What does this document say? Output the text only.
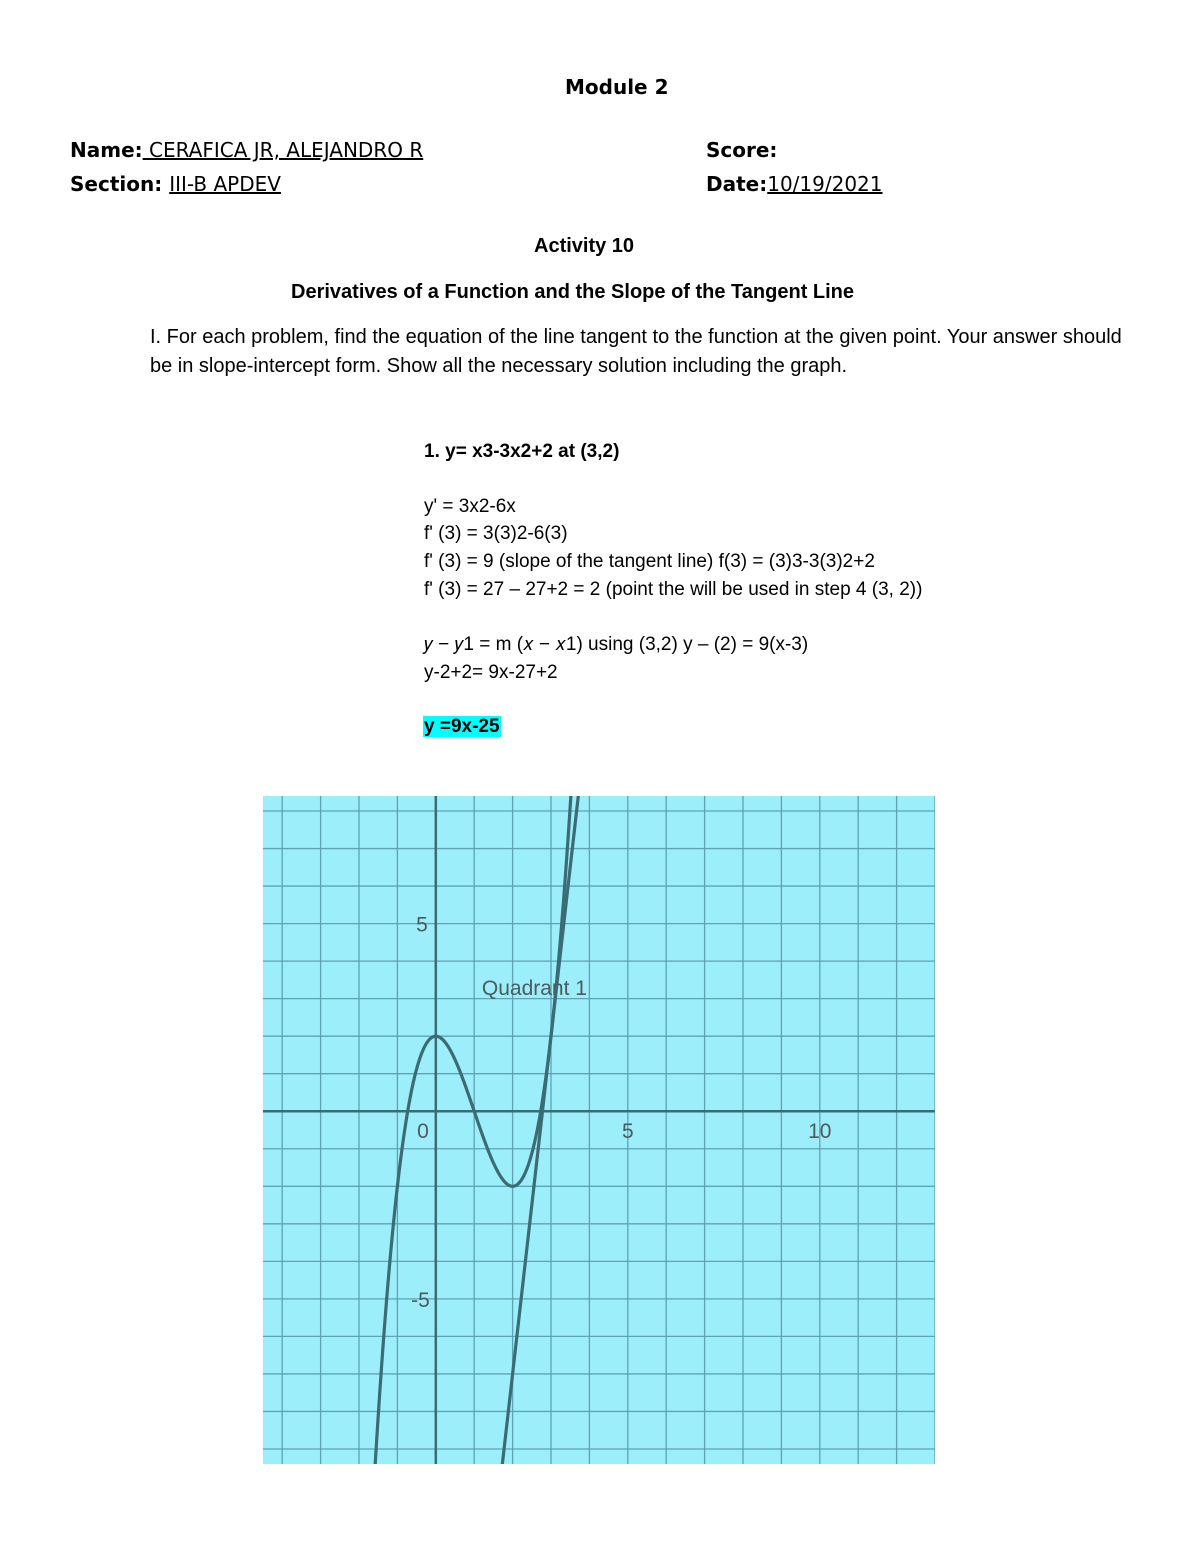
Module 2
Name: CERAFICA JR, ALEJANDRO R
Section: III-B APDEV
Score:
Date:10/19/2021
Activity 10
Derivatives of a Function and the Slope of the Tangent Line
I. For each problem, find the equation of the line tangent to the function at the given point. Your answer should be in slope-intercept form. Show all the necessary solution including the graph.
1. y= x3-3x2+2 at (3,2)
y' = 3x2-6x
f' (3) = 3(3)2-6(3)
f' (3) = 9 (slope of the tangent line) f(3) = (3)3-3(3)2+2
f' (3) = 27 – 27+2 = 2 (point the will be used in step 4 (3, 2))
𝑦 − 𝑦1 = m (𝑥 − 𝑥1) using (3,2) y – (2) = 9(x-3)
y-2+2= 9x-27+2
y =9x-25
0	5	10
5
-5
Quadrant 1
